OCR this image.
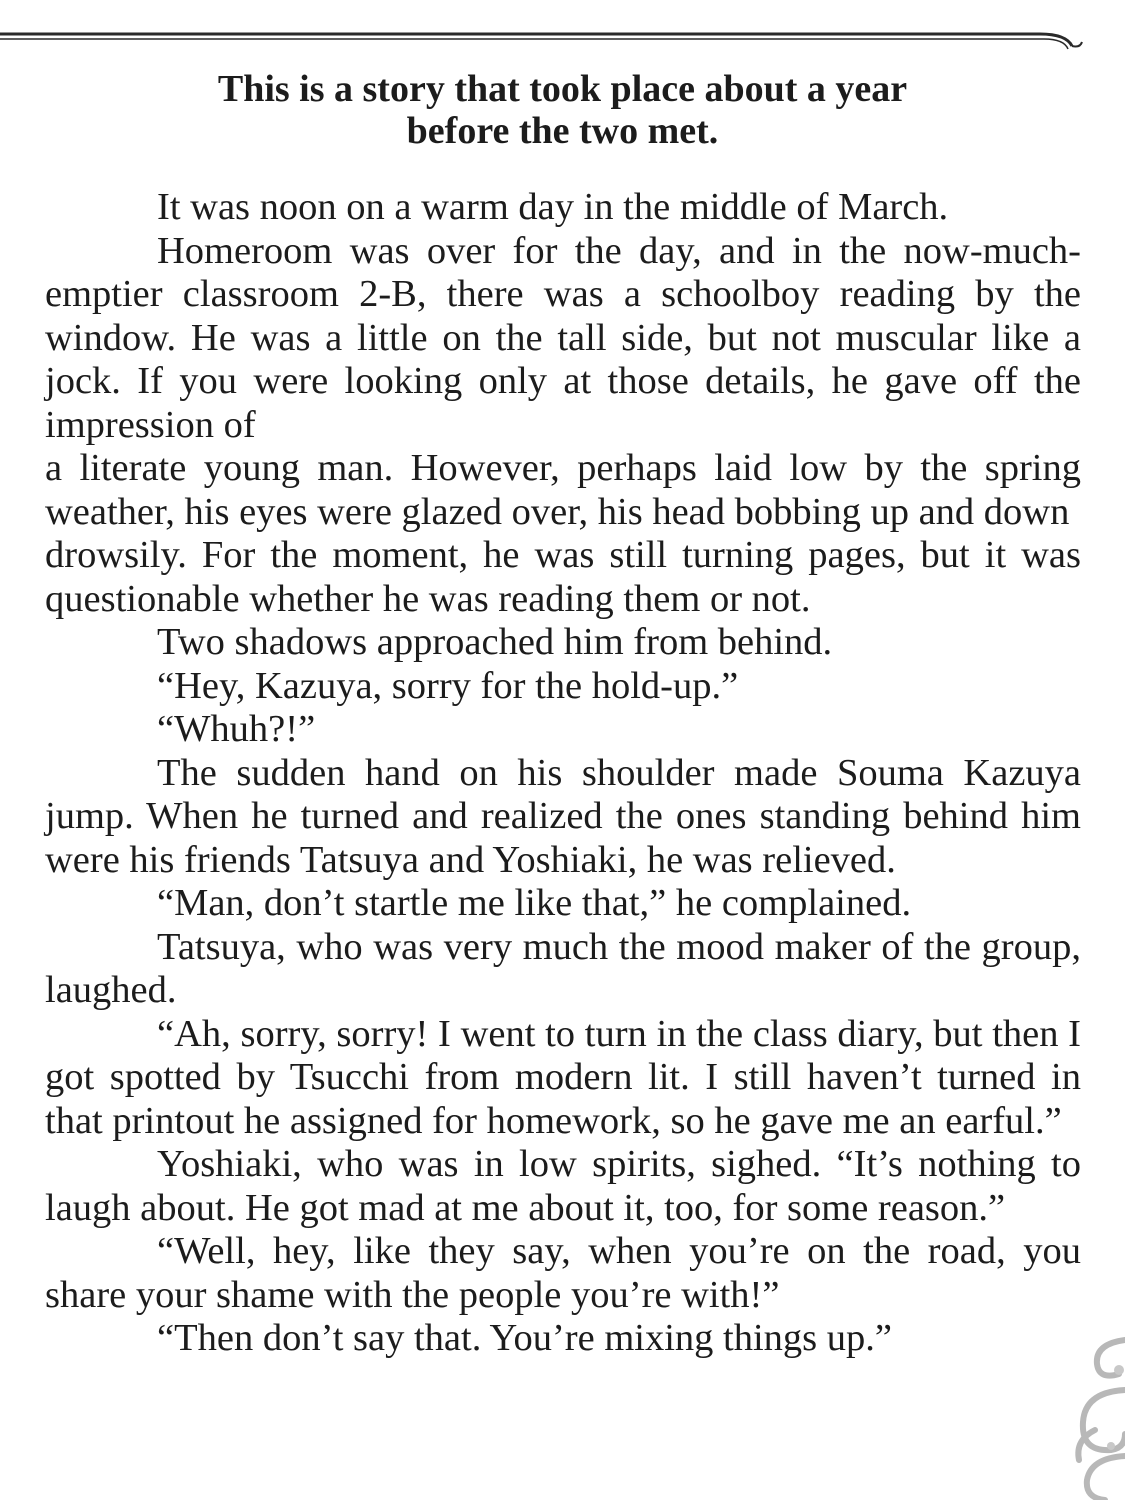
This is a story that took place about a year
before the two met.

It was noon on a warm day in the middle of March.

Homeroom was over for the day, and in the now-much-emptier classroom 2-B, there was a schoolboy reading by the window. He was a little on the tall side, but not muscular like a jock. If you were looking only at those details, he gave off the impression of

a literate young man. However, perhaps laid low by the spring weather, his eyes were glazed over, his head bobbing up and down

drowsily. For the moment, he was still turning pages, but it was questionable whether he was reading them or not.

Two shadows approached him from behind.

“Hey, Kazuya, sorry for the hold-up.”

“Whuh?!”

The sudden hand on his shoulder made Souma Kazuya jump. When he turned and realized the ones standing behind him were his friends Tatsuya and Yoshiaki, he was relieved.

“Man, don’t startle me like that,” he complained.

Tatsuya, who was very much the mood maker of the group, laughed.

“Ah, sorry, sorry! I went to turn in the class diary, but then I got spotted by Tsucchi from modern lit. I still haven’t turned in that printout he assigned for homework, so he gave me an earful.”

Yoshiaki, who was in low spirits, sighed. “It’s nothing to laugh about. He got mad at me about it, too, for some reason.”

“Well, hey, like they say, when you’re on the road, you share your shame with the people you’re with!”

“Then don’t say that. You’re mixing things up.”
